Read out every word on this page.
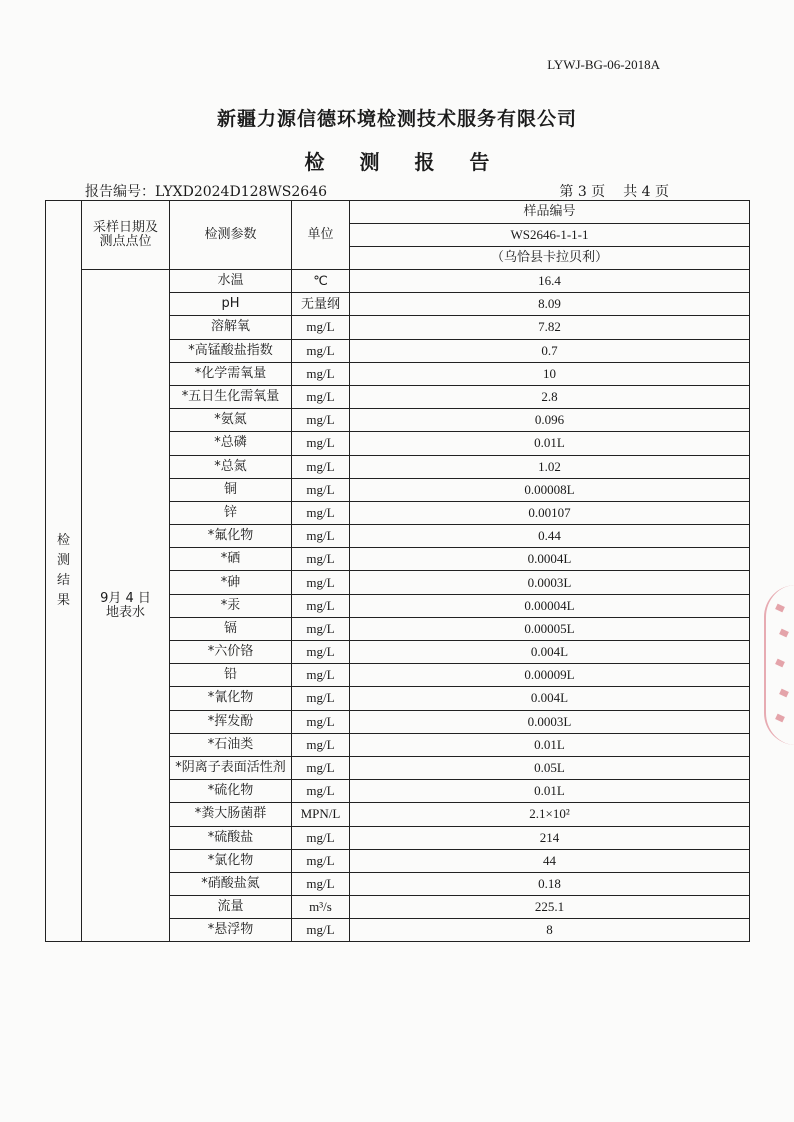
LYWJ-BG-06-2018A
新疆力源信德环境检测技术服务有限公司
检 测 报 告
报告编号：LYXD2024D128WS2646	第 3 页 共 4 页
检
测
结
果	采样日期及
测点点位	检测参数	单位	样品编号
				WS2646-1-1-1
				（乌恰县卡拉贝利）

	9月 4 日
地表水	水温	℃	16.4
		pH	无量纲	8.09
		溶解氧	mg/L	7.82
		*高锰酸盐指数	mg/L	0.7
		*化学需氧量	mg/L	10
		*五日生化需氧量	mg/L	2.8
		*氨氮	mg/L	0.096
		*总磷	mg/L	0.01L
		*总氮	mg/L	1.02
		铜	mg/L	0.00008L
		锌	mg/L	0.00107
		*氟化物	mg/L	0.44
		*硒	mg/L	0.0004L
		*砷	mg/L	0.0003L
		*汞	mg/L	0.00004L
		镉	mg/L	0.00005L
		*六价铬	mg/L	0.004L
		铅	mg/L	0.00009L
		*氰化物	mg/L	0.004L
		*挥发酚	mg/L	0.0003L
		*石油类	mg/L	0.01L
		*阴离子表面活性剂	mg/L	0.05L
		*硫化物	mg/L	0.01L
		*粪大肠菌群	MPN/L	2.1×10²
		*硫酸盐	mg/L	214
		*氯化物	mg/L	44
		*硝酸盐氮	mg/L	0.18
		流量	m³/s	225.1
		*悬浮物	mg/L	8
